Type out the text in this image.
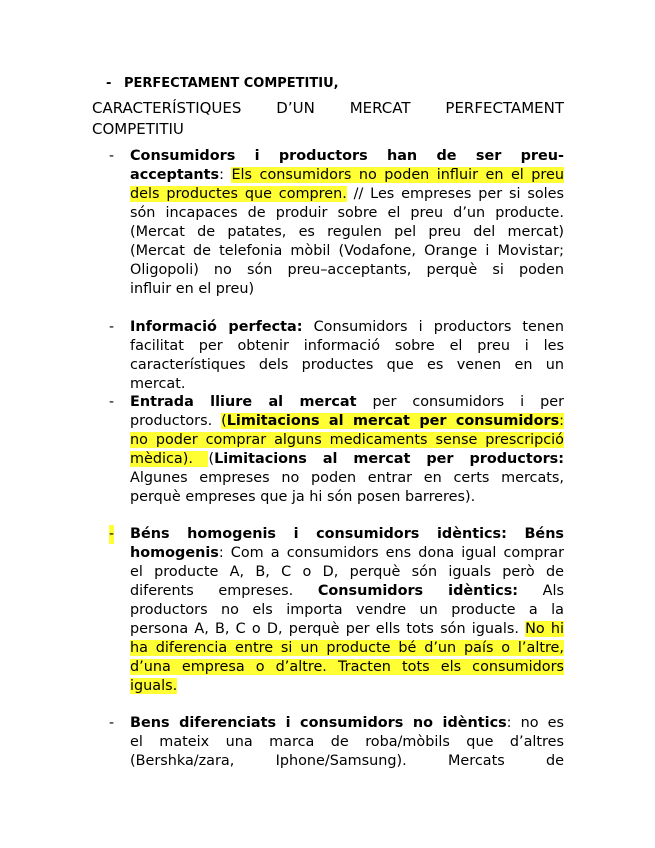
- PERFECTAMENT COMPETITIU,
CARACTERÍSTIQUES D’UN MERCAT PERFECTAMENT
COMPETITIU
- Consumidors i productors han de ser preu-
acceptants: Els consumidors no poden influir en el preu
dels productes que compren. // Les empreses per si soles
són incapaces de produir sobre el preu d’un producte.
(Mercat de patates, es regulen pel preu del mercat)
(Mercat de telefonia mòbil (Vodafone, Orange i Movistar;
Oligopoli) no són preu–acceptants, perquè si poden
influir en el preu)
- Informació perfecta: Consumidors i productors tenen
facilitat per obtenir informació sobre el preu i les
característiques dels productes que es venen en un
mercat.
- Entrada lliure al mercat per consumidors i per
productors. (Limitacions al mercat per consumidors:
no poder comprar alguns medicaments sense prescripció
mèdica). (Limitacions al mercat per productors:
Algunes empreses no poden entrar en certs mercats,
perquè empreses que ja hi són posen barreres).
- Béns homogenis i consumidors idèntics: Béns
homogenis: Com a consumidors ens dona igual comprar
el producte A, B, C o D, perquè són iguals però de
diferents empreses. Consumidors idèntics: Als
productors no els importa vendre un producte a la
persona A, B, C o D, perquè per ells tots són iguals. No hi
ha diferencia entre si un producte bé d’un país o l’altre,
d’una empresa o d’altre. Tracten tots els consumidors
iguals.
- Bens diferenciats i consumidors no idèntics: no es
el mateix una marca de roba/mòbils que d’altres
(Bershka/zara, Iphone/Samsung). Mercats de
